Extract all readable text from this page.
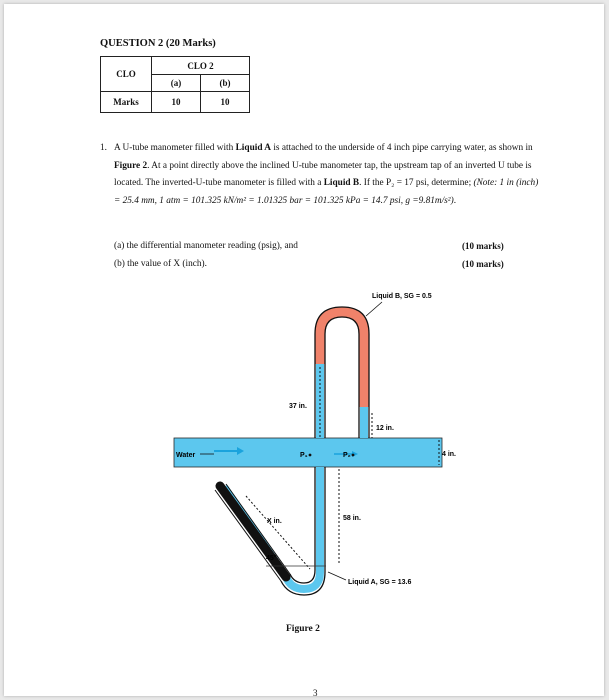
QUESTION 2 (20 Marks)
CLO	CLO 2	
	(a)	(b)
Marks	10	10
1. A U-tube manometer filled with Liquid A is attached to the underside of 4 inch pipe carrying water, as shown in Figure 2. At a point directly above the inclined U-tube manometer tap, the upstream tap of an inverted U tube is located. The inverted-U-tube manometer is filled with a Liquid B. If the P₂ = 17 psi, determine; (Note: 1 in (inch) = 25.4 mm, 1 atm = 101.325 kN/m² = 1.01325 bar = 101.325 kPa = 14.7 psi, g =9.81m/s²).
(a) the differential manometer reading (psig), and	(10 marks)
(b) the value of X (inch).	(10 marks)
Liquid B, SG = 0.5
37 in.
12 in.
Water	P₁	P₂	4 in.
X in.	58 in.
45°
Liquid A, SG = 13.6
Figure 2
3
